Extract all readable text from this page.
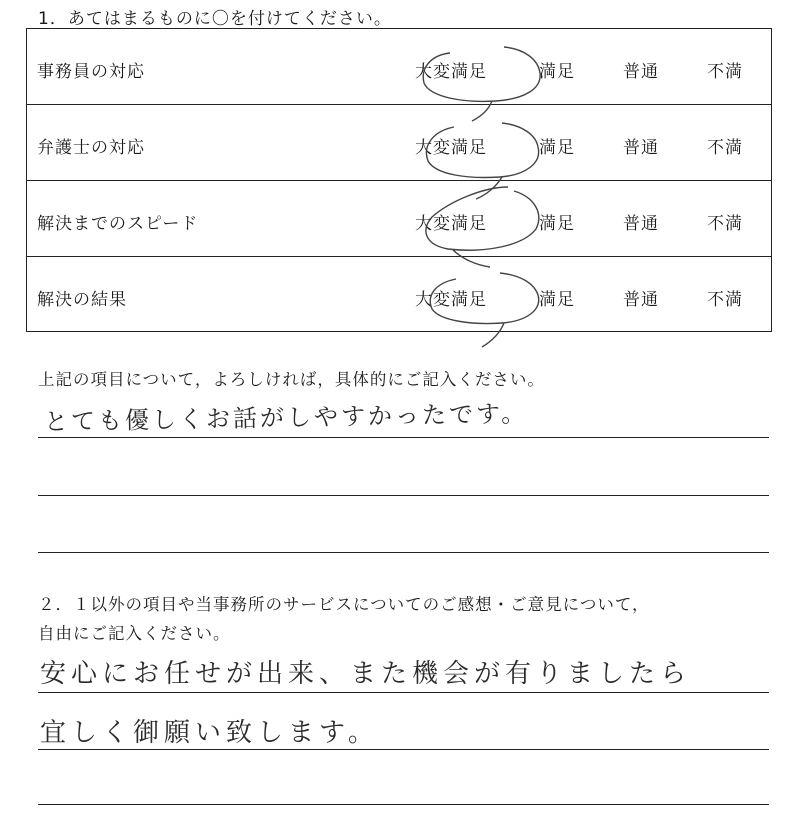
1．あてはまるものに〇を付けてください。
事務員の対応	大変満足	満足	普通	不満
弁護士の対応	大変満足	満足	普通	不満
解決までのスピード	大変満足	満足	普通	不満
解決の結果	大変満足	満足	普通	不満
上記の項目について，よろしければ，具体的にご記入ください。
とても優しくお話がしやすかったです。
２．１以外の項目や当事務所のサービスについてのご感想・ご意見について，
自由にご記入ください。
安心にお任せが出来、また機会が有りましたら
宜しく御願い致します。
